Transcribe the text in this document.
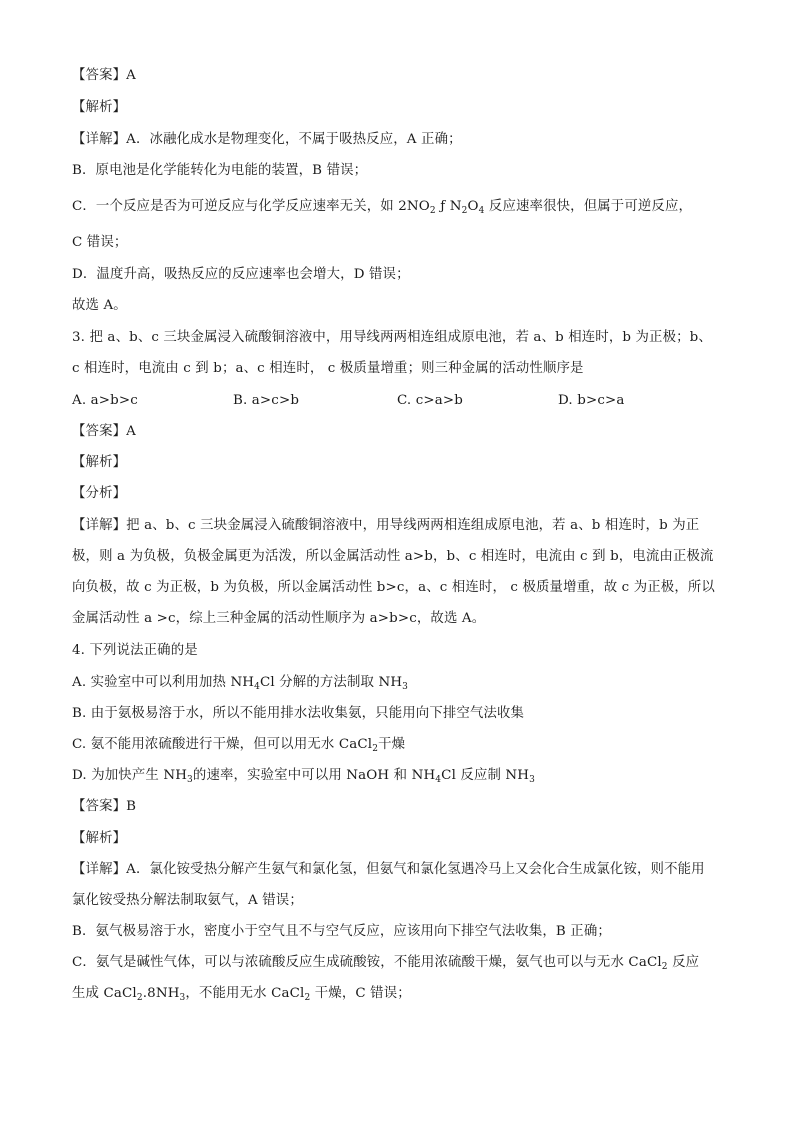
【答案】A
【解析】
【详解】A．冰融化成水是物理变化，不属于吸热反应，A 正确；
B．原电池是化学能转化为电能的装置，B 错误；
C．一个反应是否为可逆反应与化学反应速率无关，如 $2NO_2$ ƒ $N_2O_4$ 反应速率很快，但属于可逆反应，
C 错误；
D．温度升高，吸热反应的反应速率也会增大，D 错误；
故选 A。
3. 把 a、b、c 三块金属浸入硫酸铜溶液中，用导线两两相连组成原电池，若 a、b 相连时，b 为正极；b、
c 相连时，电流由 c 到 b；a、c 相连时， c 极质量增重；则三种金属的活动性顺序是
A. a>b>c	B. a>c>b	C. c>a>b	D. b>c>a
【答案】A
【解析】
【分析】
【详解】把 a、b、c 三块金属浸入硫酸铜溶液中，用导线两两相连组成原电池，若 a、b 相连时，b 为正
极，则 a 为负极，负极金属更为活泼，所以金属活动性 a>b，b、c 相连时，电流由 c 到 b，电流由正极流
向负极，故 c 为正极，b 为负极，所以金属活动性 b>c，a、c 相连时， c 极质量增重，故 c 为正极，所以
金属活动性 a >c，综上三种金属的活动性顺序为 a>b>c，故选 A。
4. 下列说法正确的是
A. 实验室中可以利用加热 $NH_4Cl$ 分解的方法制取 $NH_3$
B. 由于氨极易溶于水，所以不能用排水法收集氨，只能用向下排空气法收集
C. 氨不能用浓硫酸进行干燥，但可以用无水 CaCl$_2$干燥
D. 为加快产生 $NH_3$的速率，实验室中可以用 NaOH 和 $NH_4Cl$ 反应制 $NH_3$
【答案】B
【解析】
【详解】A．氯化铵受热分解产生氨气和氯化氢，但氨气和氯化氢遇冷马上又会化合生成氯化铵，则不能用
氯化铵受热分解法制取氨气，A 错误；
B．氨气极易溶于水，密度小于空气且不与空气反应，应该用向下排空气法收集，B 正确；
C．氨气是碱性气体，可以与浓硫酸反应生成硫酸铵，不能用浓硫酸干燥，氨气也可以与无水 CaCl$_2$ 反应
生成 $CaCl_2.8NH_3$，不能用无水 CaCl$_2$ 干燥，C 错误；
